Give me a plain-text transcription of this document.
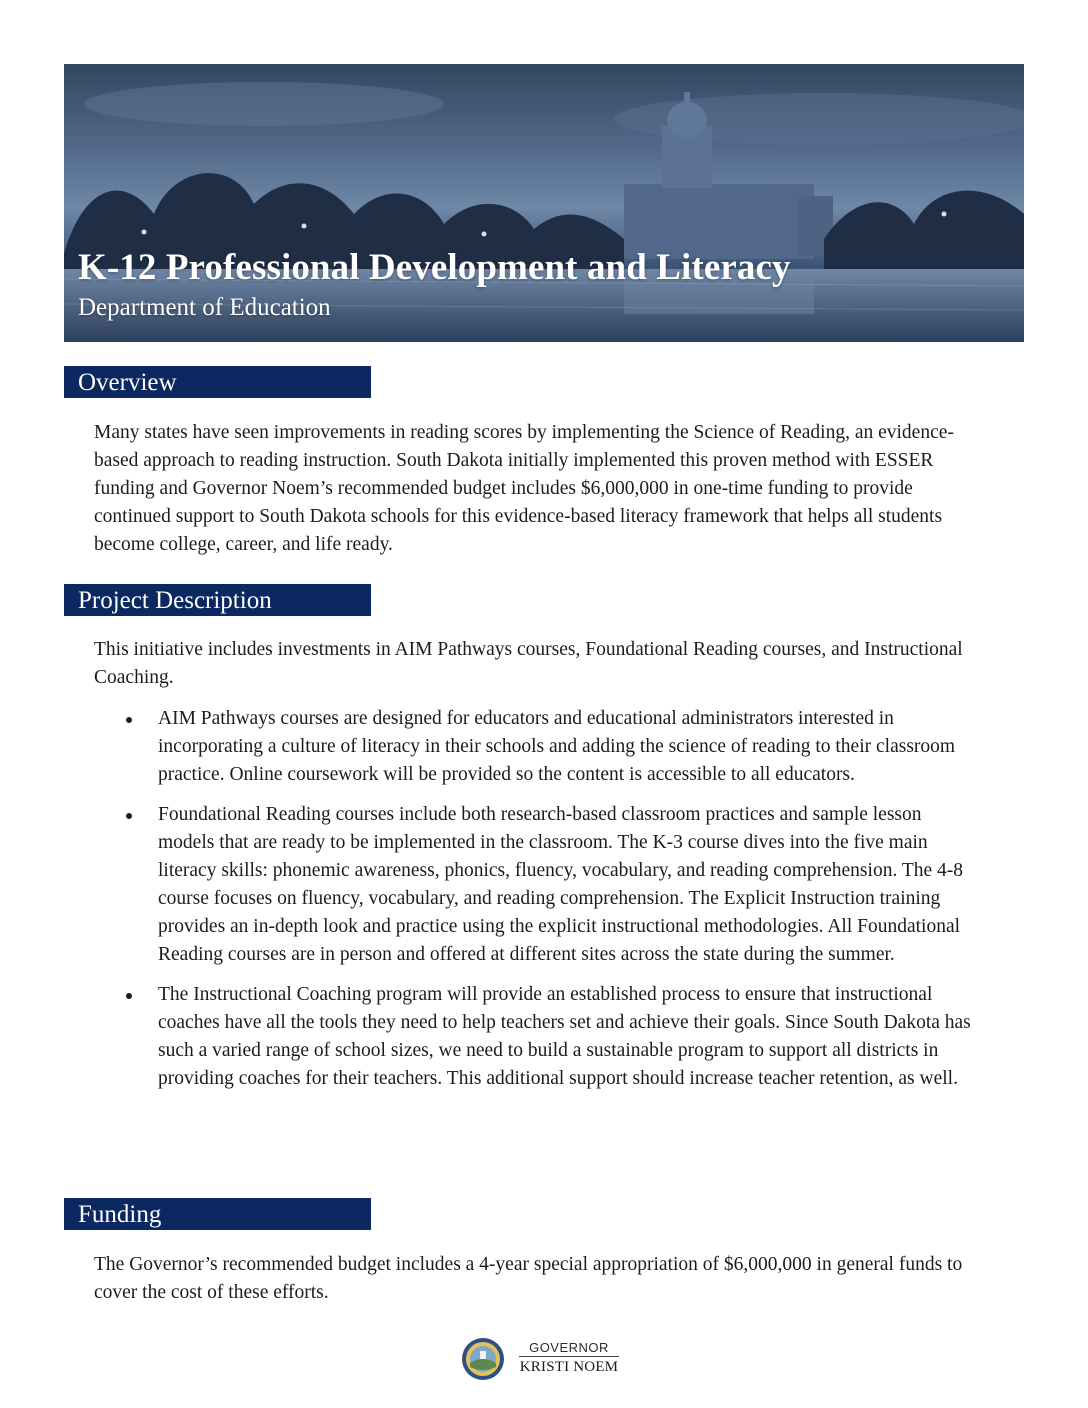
K-12 Professional Development and Literacy
Department of Education
Overview

Many states have seen improvements in reading scores by implementing the Science of Reading, an evidence-based approach to reading instruction. South Dakota initially implemented this proven method with ESSER funding and Governor Noem’s recommended budget includes $6,000,000 in one-time funding to provide continued support to South Dakota schools for this evidence-based literacy framework that helps all students become college, career, and life ready.

Project Description

This initiative includes investments in AIM Pathways courses, Foundational Reading courses, and Instructional Coaching.

AIM Pathways courses are designed for educators and educational administrators interested in incorporating a culture of literacy in their schools and adding the science of reading to their classroom practice. Online coursework will be provided so the content is accessible to all educators.
Foundational Reading courses include both research-based classroom practices and sample lesson models that are ready to be implemented in the classroom. The K-3 course dives into the five main literacy skills: phonemic awareness, phonics, fluency, vocabulary, and reading comprehension. The 4-8 course focuses on fluency, vocabulary, and reading comprehension. The Explicit Instruction training provides an in-depth look and practice using the explicit instructional methodologies. All Foundational Reading courses are in person and offered at different sites across the state during the summer.
The Instructional Coaching program will provide an established process to ensure that instructional coaches have all the tools they need to help teachers set and achieve their goals. Since South Dakota has such a varied range of school sizes, we need to build a sustainable program to support all districts in providing coaches for their teachers. This additional support should increase teacher retention, as well.
Funding

The Governor’s recommended budget includes a 4-year special appropriation of $6,000,000 in general funds to cover the cost of these efforts.

GOVERNOR
KRISTI NOEM
